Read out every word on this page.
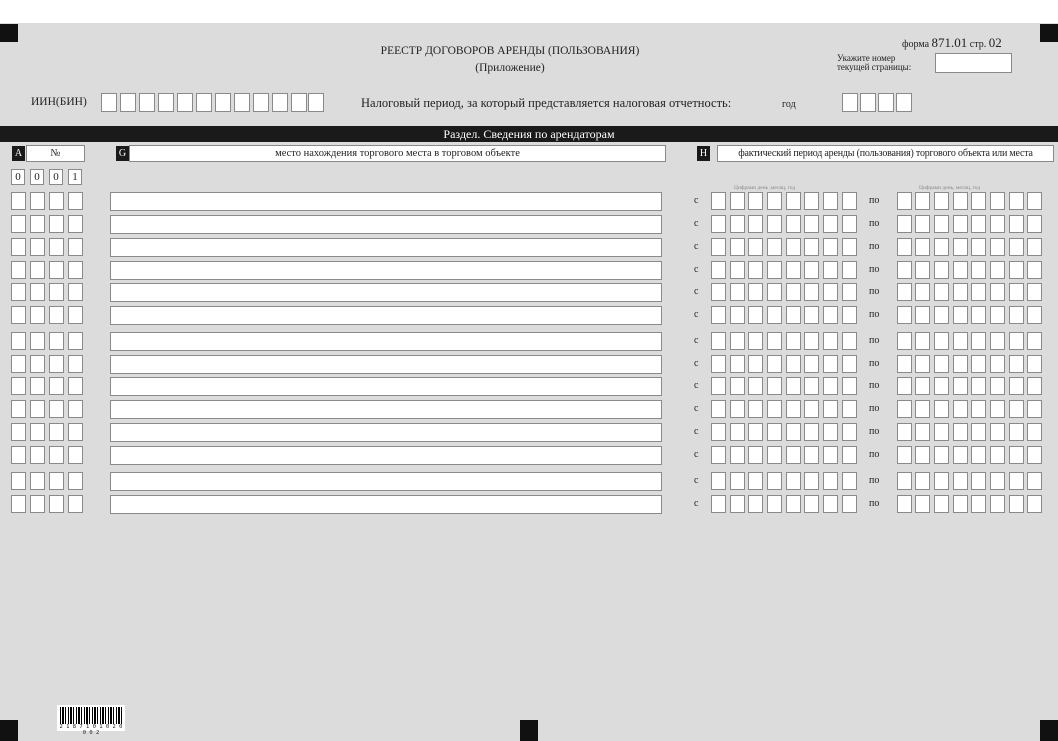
РЕЕСТР ДОГОВОРОВ АРЕНДЫ (ПОЛЬЗОВАНИЯ)
(Приложение)
форма 871.01 стр. 02
Укажите номер
текущей страницы:
ИИН(БИН)	Налоговый период, за который представляется налоговая отчетность:	год
Раздел. Сведения по арендаторам
A	№	G	место нахождения торгового места в торговом объекте	H	фактический период аренды (пользования) торгового объекта или места
0	0	0	1
Цифрами день ,месяц, год	Цифрами день, месяц, год
с	по
с	по
с	по
с	по
с	по
с	по
с	по
с	по
с	по
с	по
с	по
с	по
с	по
с	по
2 1 8 7 1 0 1 0 2 0 0 0 2
